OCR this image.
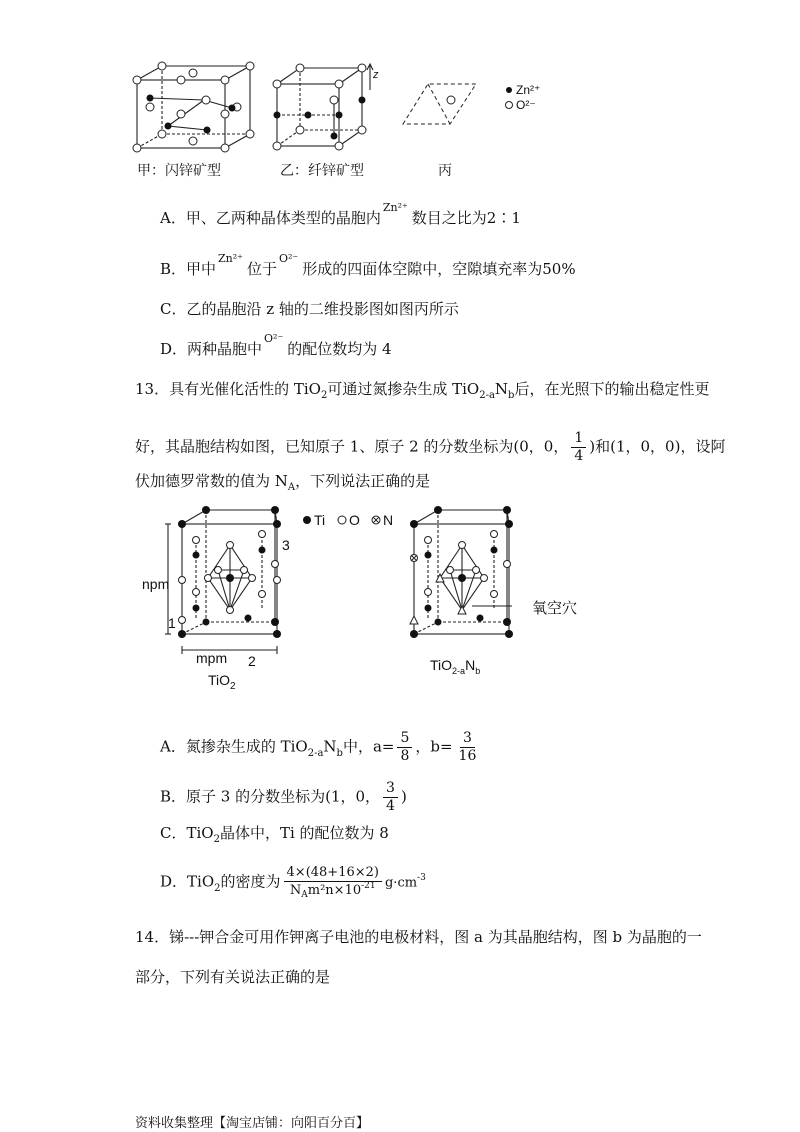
z
Zn²⁺
O²⁻
甲：闪锌矿型	乙：纤锌矿型	丙
A．甲、乙两种晶体类型的晶胞内$^{Zn^{2+}}$数目之比为2∶1
B．甲中$^{Zn^{2+}}$位于$^{O^{2-}}$形成的四面体空隙中，空隙填充率为50%
C．乙的晶胞沿 z 轴的二维投影图如图丙所示
D．两种晶胞中$^{O^{2-}}$的配位数均为 4
13．具有光催化活性的 TiO$_2$可通过氮掺杂生成 $TiO_{2-a}N_b$后，在光照下的输出稳定性更
好，其晶胞结构如图，已知原子 1、原子 2 的分数坐标为(0，0， $\frac{1}{4}$ )和(1，0，0)，设阿
伏加德罗常数的值为 $N_A$，下列说法正确的是
3
npm
1
mpm 2
TiO$_2$
Ti O N
氧空穴
$TiO_{2-a}N_b$
A．氮掺杂生成的 $TiO_{2-a}N_b$中，$a= \frac{5}{8}$ ，$b= \frac{3}{16}$
B．原子 3 的分数坐标为(1，0， $\frac{3}{4}$ )
C．TiO$_2$晶体中，Ti 的配位数为 8
D．TiO$_2$的密度为 $\frac{4\times(48+16\times 2)}{N_Am^2n\times 10^{-21}} g\cdot cm^{-3}$
14．锑---钾合金可用作钾离子电池的电极材料，图 a 为其晶胞结构，图 b 为晶胞的一
部分，下列有关说法正确的是
资料收集整理【淘宝店铺：向阳百分百】
